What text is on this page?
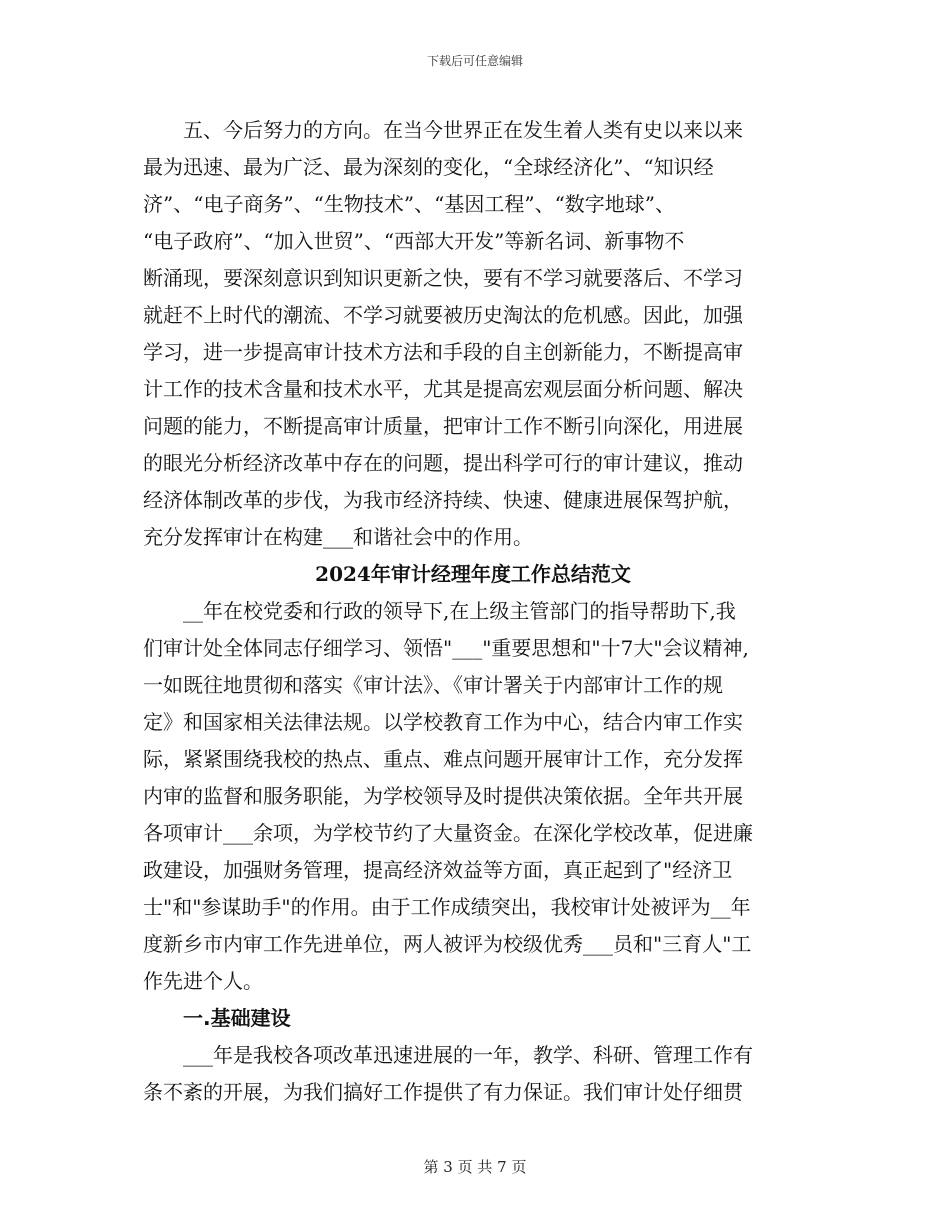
下载后可任意编辑
　　五、今后努力的方向。在当今世界正在发生着人类有史以来以来
最为迅速、最为广泛、最为深刻的变化，“全球经济化”、“知识经
济”、“电子商务”、“生物技术”、“基因工程”、“数字地球”、
“电子政府”、“加入世贸”、“西部大开发”等新名词、新事物不
断涌现，要深刻意识到知识更新之快，要有不学习就要落后、不学习
就赶不上时代的潮流、不学习就要被历史淘汰的危机感。因此，加强
学习，进一步提高审计技术方法和手段的自主创新能力，不断提高审
计工作的技术含量和技术水平，尤其是提高宏观层面分析问题、解决
问题的能力，不断提高审计质量，把审计工作不断引向深化，用进展
的眼光分析经济改革中存在的问题，提出科学可行的审计建议，推动
经济体制改革的步伐，为我市经济持续、快速、健康进展保驾护航，
充分发挥审计在构建___和谐社会中的作用。
2024年审计经理年度工作总结范文
　　__年在校党委和行政的领导下,在上级主管部门的指导帮助下,我
们审计处全体同志仔细学习、领悟"___"重要思想和"十7大"会议精神,
一如既往地贯彻和落实《审计法》、《审计署关于内部审计工作的规
定》和国家相关法律法规。以学校教育工作为中心，结合内审工作实
际，紧紧围绕我校的热点、重点、难点问题开展审计工作，充分发挥
内审的监督和服务职能，为学校领导及时提供决策依据。全年共开展
各项审计___余项，为学校节约了大量资金。在深化学校改革，促进廉
政建设，加强财务管理，提高经济效益等方面，真正起到了"经济卫
士"和"参谋助手"的作用。由于工作成绩突出，我校审计处被评为__年
度新乡市内审工作先进单位，两人被评为校级优秀___员和"三育人"工
作先进个人。
　　一.基础建设
　　___年是我校各项改革迅速进展的一年，教学、科研、管理工作有
条不紊的开展，为我们搞好工作提供了有力保证。我们审计处仔细贯
第 3 页 共 7 页
